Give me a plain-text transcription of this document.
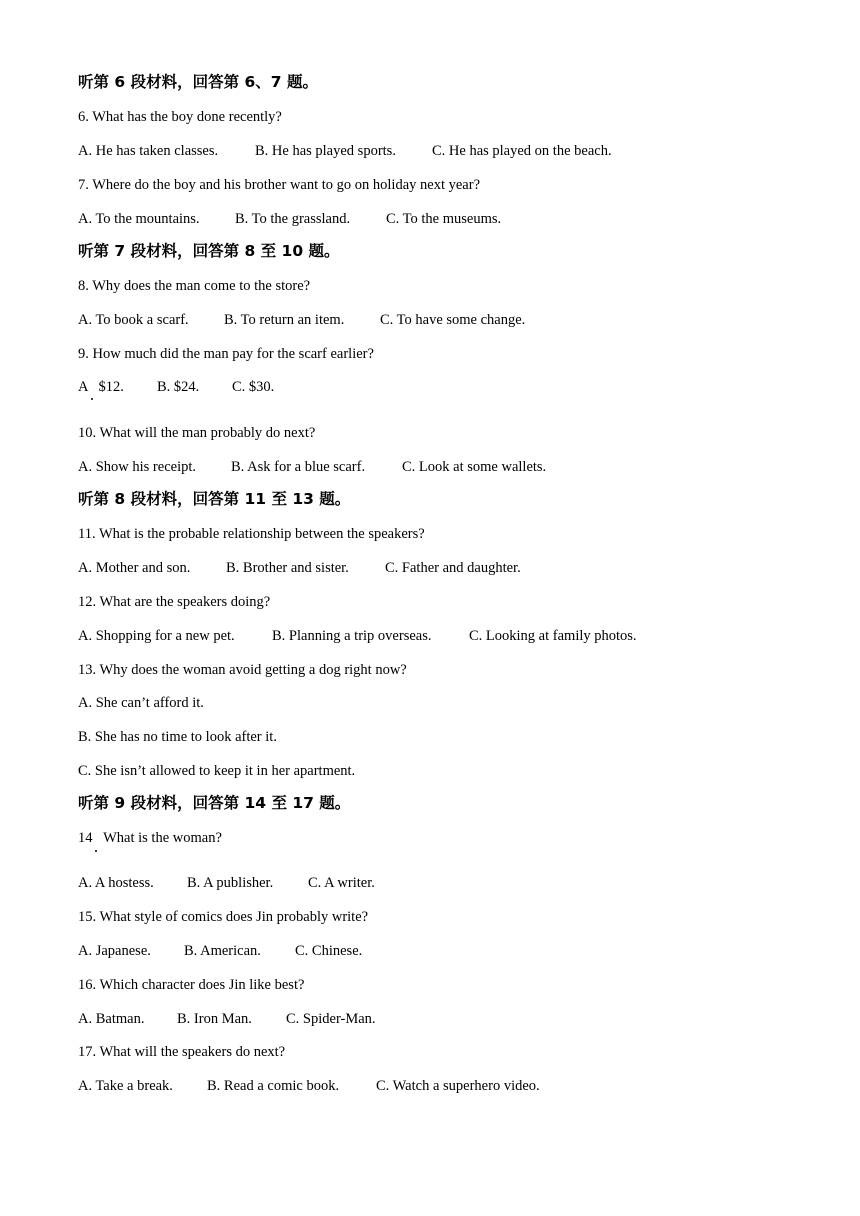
听第 6 段材料，回答第 6、7 题。
6. What has the boy done recently?
A. He has taken classes.	B. He has played sports. C. He has played on the beach.
7. Where do the boy and his brother want to go on holiday next year?
A. To the mountains. B. To the grassland. C. To the museums.
听第 7 段材料，回答第 8 至 10 题。
8. Why does the man come to the store?
A. To book a scarf. B. To return an item. C. To have some change.
9. How much did the man pay for the scarf earlier?
A   $12. B. $24. C. $30.
10. What will the man probably do next?
A. Show his receipt. B. Ask for a blue scarf.	C. Look at some wallets.
听第 8 段材料，回答第 11 至 13 题。
11. What is the probable relationship between the speakers?
A. Mother and son. B. Brother and sister. C. Father and daughter.
12. What are the speakers doing?
A. Shopping for a new pet.	B. Planning a trip overseas.	C. Looking at family photos.
13. Why does the woman avoid getting a dog right now?
A. She can’t afford it.
B. She has no time to look after it.
C. She isn’t allowed to keep it in her apartment.
听第 9 段材料，回答第 14 至 17 题。
14   What is the woman?
A. A hostess. B. A publisher. C. A writer.
15. What style of comics does Jin probably write?
A. Japanese. B. American. C. Chinese.
16. Which character does Jin like best?
A. Batman. B. Iron Man. C. Spider-Man.
17. What will the speakers do next?
A. Take a break. B. Read a comic book.	C. Watch a superhero video.
